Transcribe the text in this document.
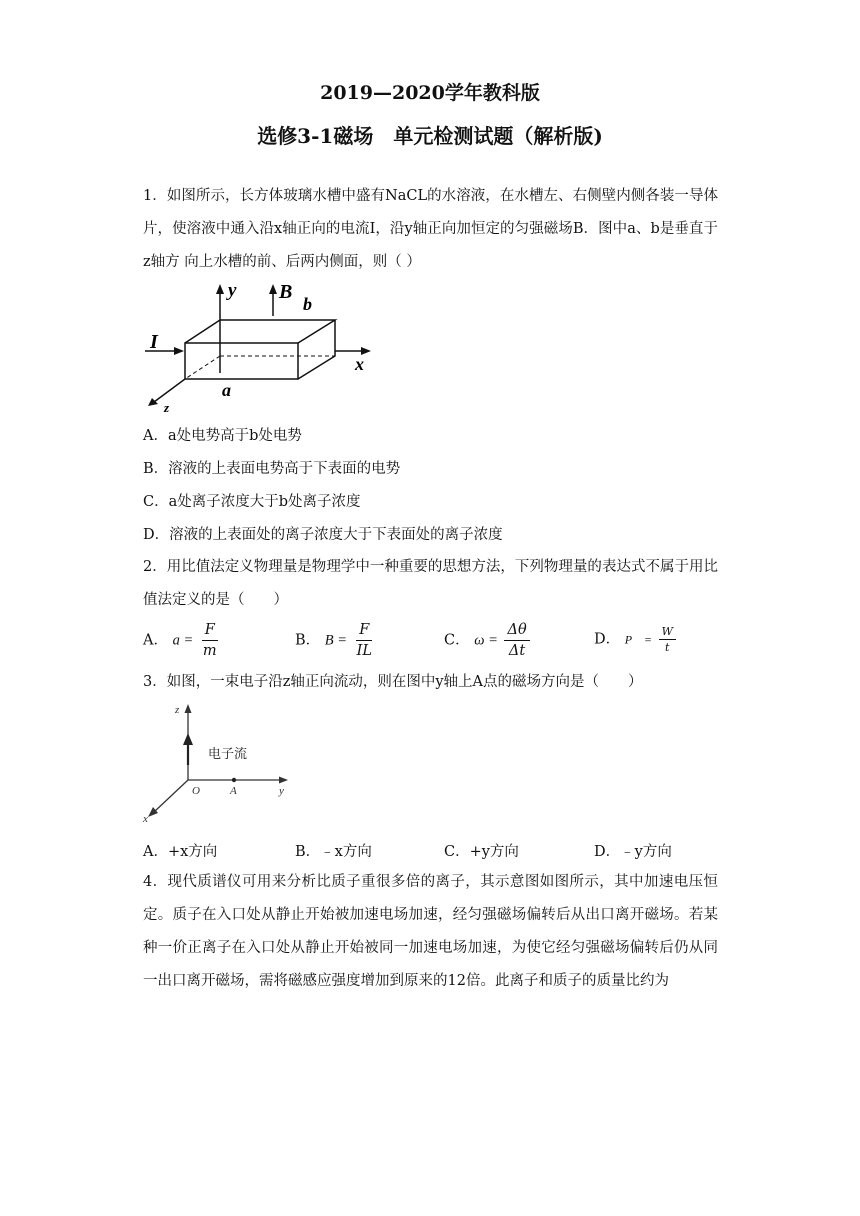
2019—2020学年教科版
选修3-1磁场　单元检测试题（解析版)
1．如图所示，长方体玻璃水槽中盛有NaCL的水溶液，在水槽左、右侧壁内侧各装一导体片，使溶液中通入沿x轴正向的电流I，沿y轴正向加恒定的匀强磁场B．图中a、b是垂直于z轴方 向上水槽的前、后两内侧面，则（ ）
y B
b
I
x
a
z
A．a处电势高于b处电势
B．溶液的上表面电势高于下表面的电势
C．a处离子浓度大于b处离子浓度
D．溶液的上表面处的离子浓度大于下表面处的离子浓度
2．用比值法定义物理量是物理学中一种重要的思想方法，下列物理量的表达式不属于用比值法定义的是（　　）
A． $a = \frac{F}{m}$	B． $B = \frac{F}{IL}$	C． $\omega = \frac{\Delta\theta}{\Delta t}$	D． P　= $\frac{W}{t}$
3．如图，一束电子沿z轴正向流动，则在图中y轴上A点的磁场方向是（　　）
z
电子流
O	A	y
x
A．+x方向	B．﹣x方向	C．+y方向	D．﹣y方向
4．现代质谱仪可用来分析比质子重很多倍的离子，其示意图如图所示，其中加速电压恒定。质子在入口处从静止开始被加速电场加速，经匀强磁场偏转后从出口离开磁场。若某种一价正离子在入口处从静止开始被同一加速电场加速，为使它经匀强磁场偏转后仍从同一出口离开磁场，需将磁感应强度增加到原来的12倍。此离子和质子的质量比约为
